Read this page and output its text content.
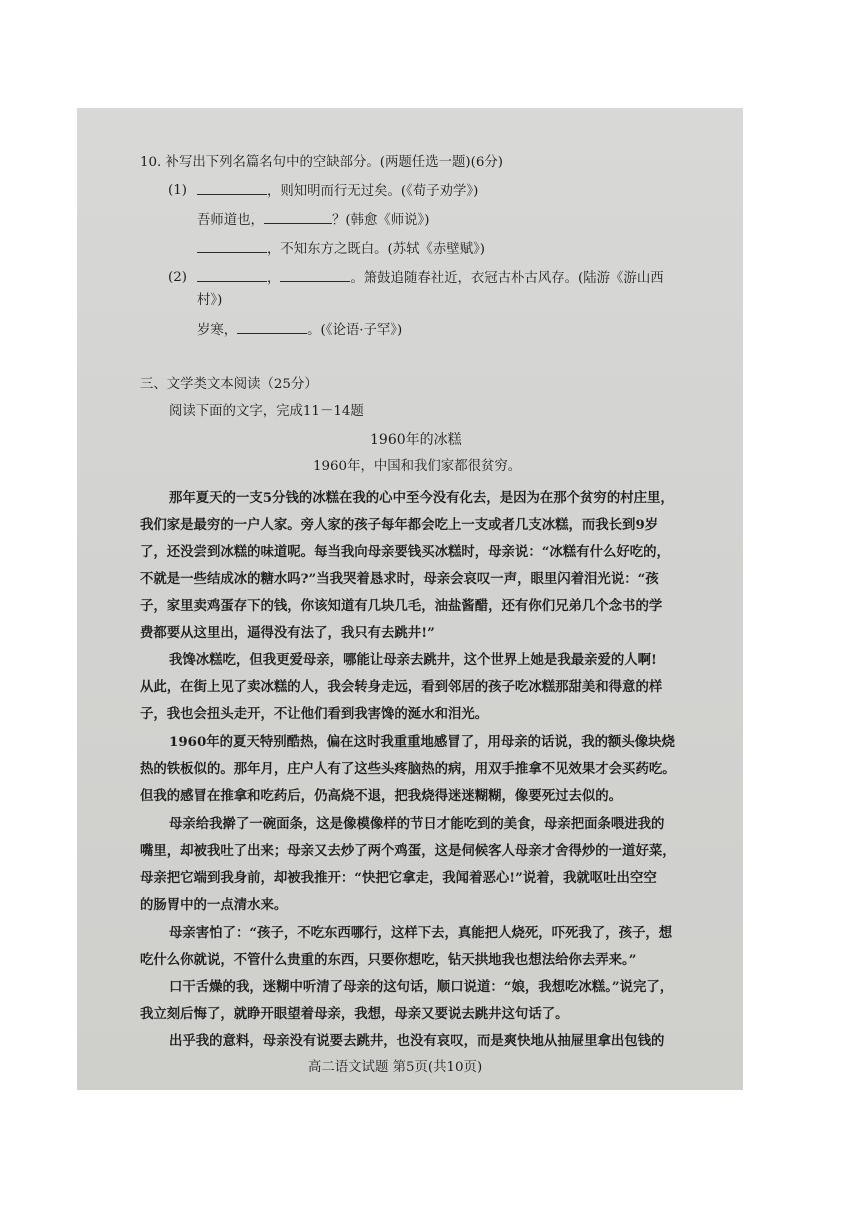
10. 补写出下列名篇名句中的空缺部分。(两题任选一题)(6分)
(1)	，则知明而行无过矣。(《荀子劝学》)
吾师道也，	？(韩愈《师说》)
，不知东方之既白。(苏轼《赤壁赋》)
(2)	，	。箫鼓追随春社近，衣冠古朴古风存。(陆游《游山西
村》)
岁寒，	。(《论语·子罕》)
三、文学类文本阅读（25分）
阅读下面的文字，完成11－14题
1960年的冰糕
1960年，中国和我们家都很贫穷。
那年夏天的一支5分钱的冰糕在我的心中至今没有化去，是因为在那个贫穷的村庄里，
我们家是最穷的一户人家。旁人家的孩子每年都会吃上一支或者几支冰糕，而我长到9岁
了，还没尝到冰糕的味道呢。每当我向母亲要钱买冰糕时，母亲说：“冰糕有什么好吃的，
不就是一些结成冰的糖水吗?”当我哭着恳求时，母亲会哀叹一声，眼里闪着泪光说：“孩
子，家里卖鸡蛋存下的钱，你该知道有几块几毛，油盐酱醋，还有你们兄弟几个念书的学
费都要从这里出，逼得没有法了，我只有去跳井!”
我馋冰糕吃，但我更爱母亲，哪能让母亲去跳井，这个世界上她是我最亲爱的人啊!
从此，在街上见了卖冰糕的人，我会转身走远，看到邻居的孩子吃冰糕那甜美和得意的样
子，我也会扭头走开，不让他们看到我害馋的涎水和泪光。
1960年的夏天特别酷热，偏在这时我重重地感冒了，用母亲的话说，我的额头像块烧
热的铁板似的。那年月，庄户人有了这些头疼脑热的病，用双手推拿不见效果才会买药吃。
但我的感冒在推拿和吃药后，仍高烧不退，把我烧得迷迷糊糊，像要死过去似的。
母亲给我擀了一碗面条，这是像模像样的节日才能吃到的美食，母亲把面条喂进我的
嘴里，却被我吐了出来；母亲又去炒了两个鸡蛋，这是伺候客人母亲才舍得炒的一道好菜，
母亲把它端到我身前，却被我推开：“快把它拿走，我闻着恶心!”说着，我就呕吐出空空
的肠胃中的一点清水来。
母亲害怕了：“孩子，不吃东西哪行，这样下去，真能把人烧死，吓死我了，孩子，想
吃什么你就说，不管什么贵重的东西，只要你想吃，钻天拱地我也想法给你去弄来。”
口干舌燥的我，迷糊中听清了母亲的这句话，顺口说道：“娘，我想吃冰糕。”说完了，
我立刻后悔了，就睁开眼望着母亲，我想，母亲又要说去跳井这句话了。
出乎我的意料，母亲没有说要去跳井，也没有哀叹，而是爽快地从抽屉里拿出包钱的
高二语文试题 第5页(共10页)
